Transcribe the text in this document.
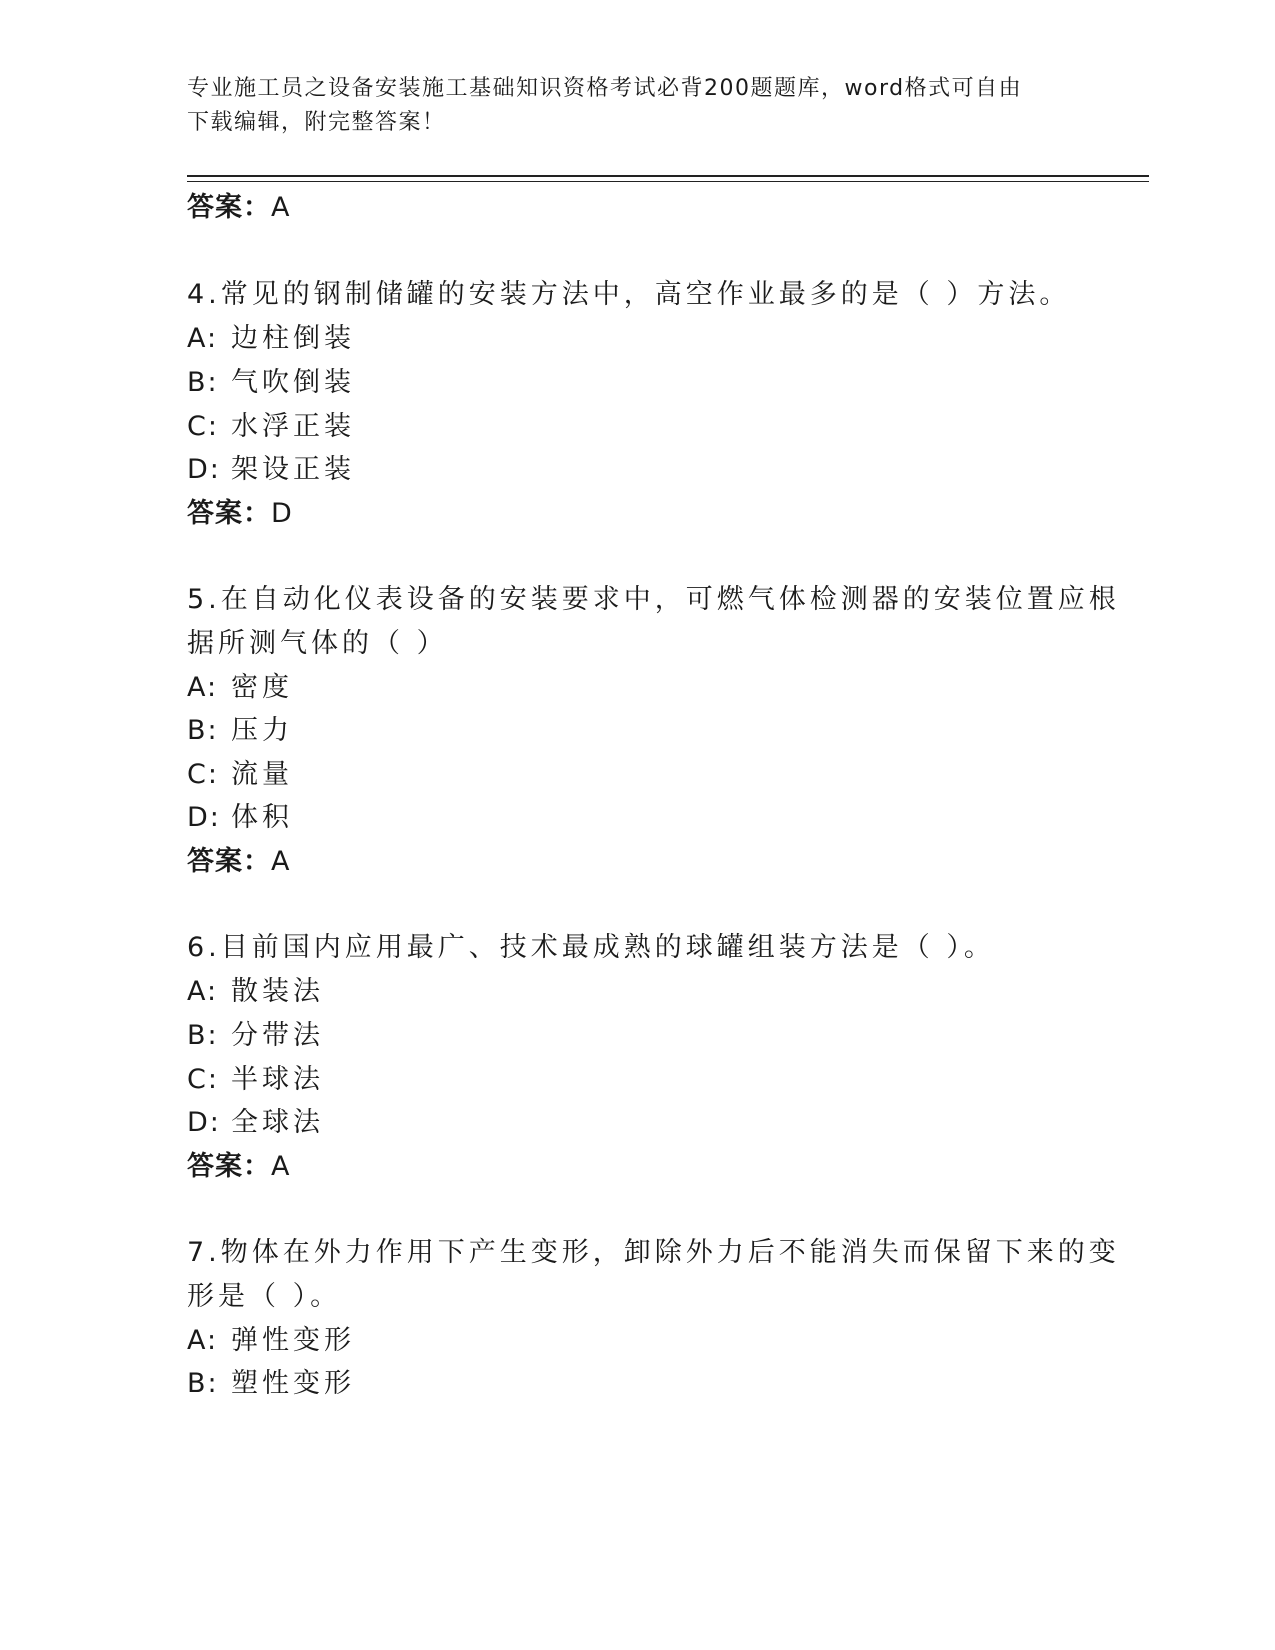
专业施工员之设备安装施工基础知识资格考试必背200题题库，word格式可自由
下载编辑，附完整答案！
答案：A
4.常见的钢制储罐的安装方法中，高空作业最多的是（ ）方法。
A: 边柱倒装
B: 气吹倒装
C: 水浮正装
D: 架设正装
答案：D
5.在自动化仪表设备的安装要求中，可燃气体检测器的安装位置应根
据所测气体的（ ）
A: 密度
B: 压力
C: 流量
D: 体积
答案：A
6.目前国内应用最广、技术最成熟的球罐组装方法是（ ）。
A: 散装法
B: 分带法
C: 半球法
D: 全球法
答案：A
7.物体在外力作用下产生变形，卸除外力后不能消失而保留下来的变
形是（ ）。
A: 弹性变形
B: 塑性变形
